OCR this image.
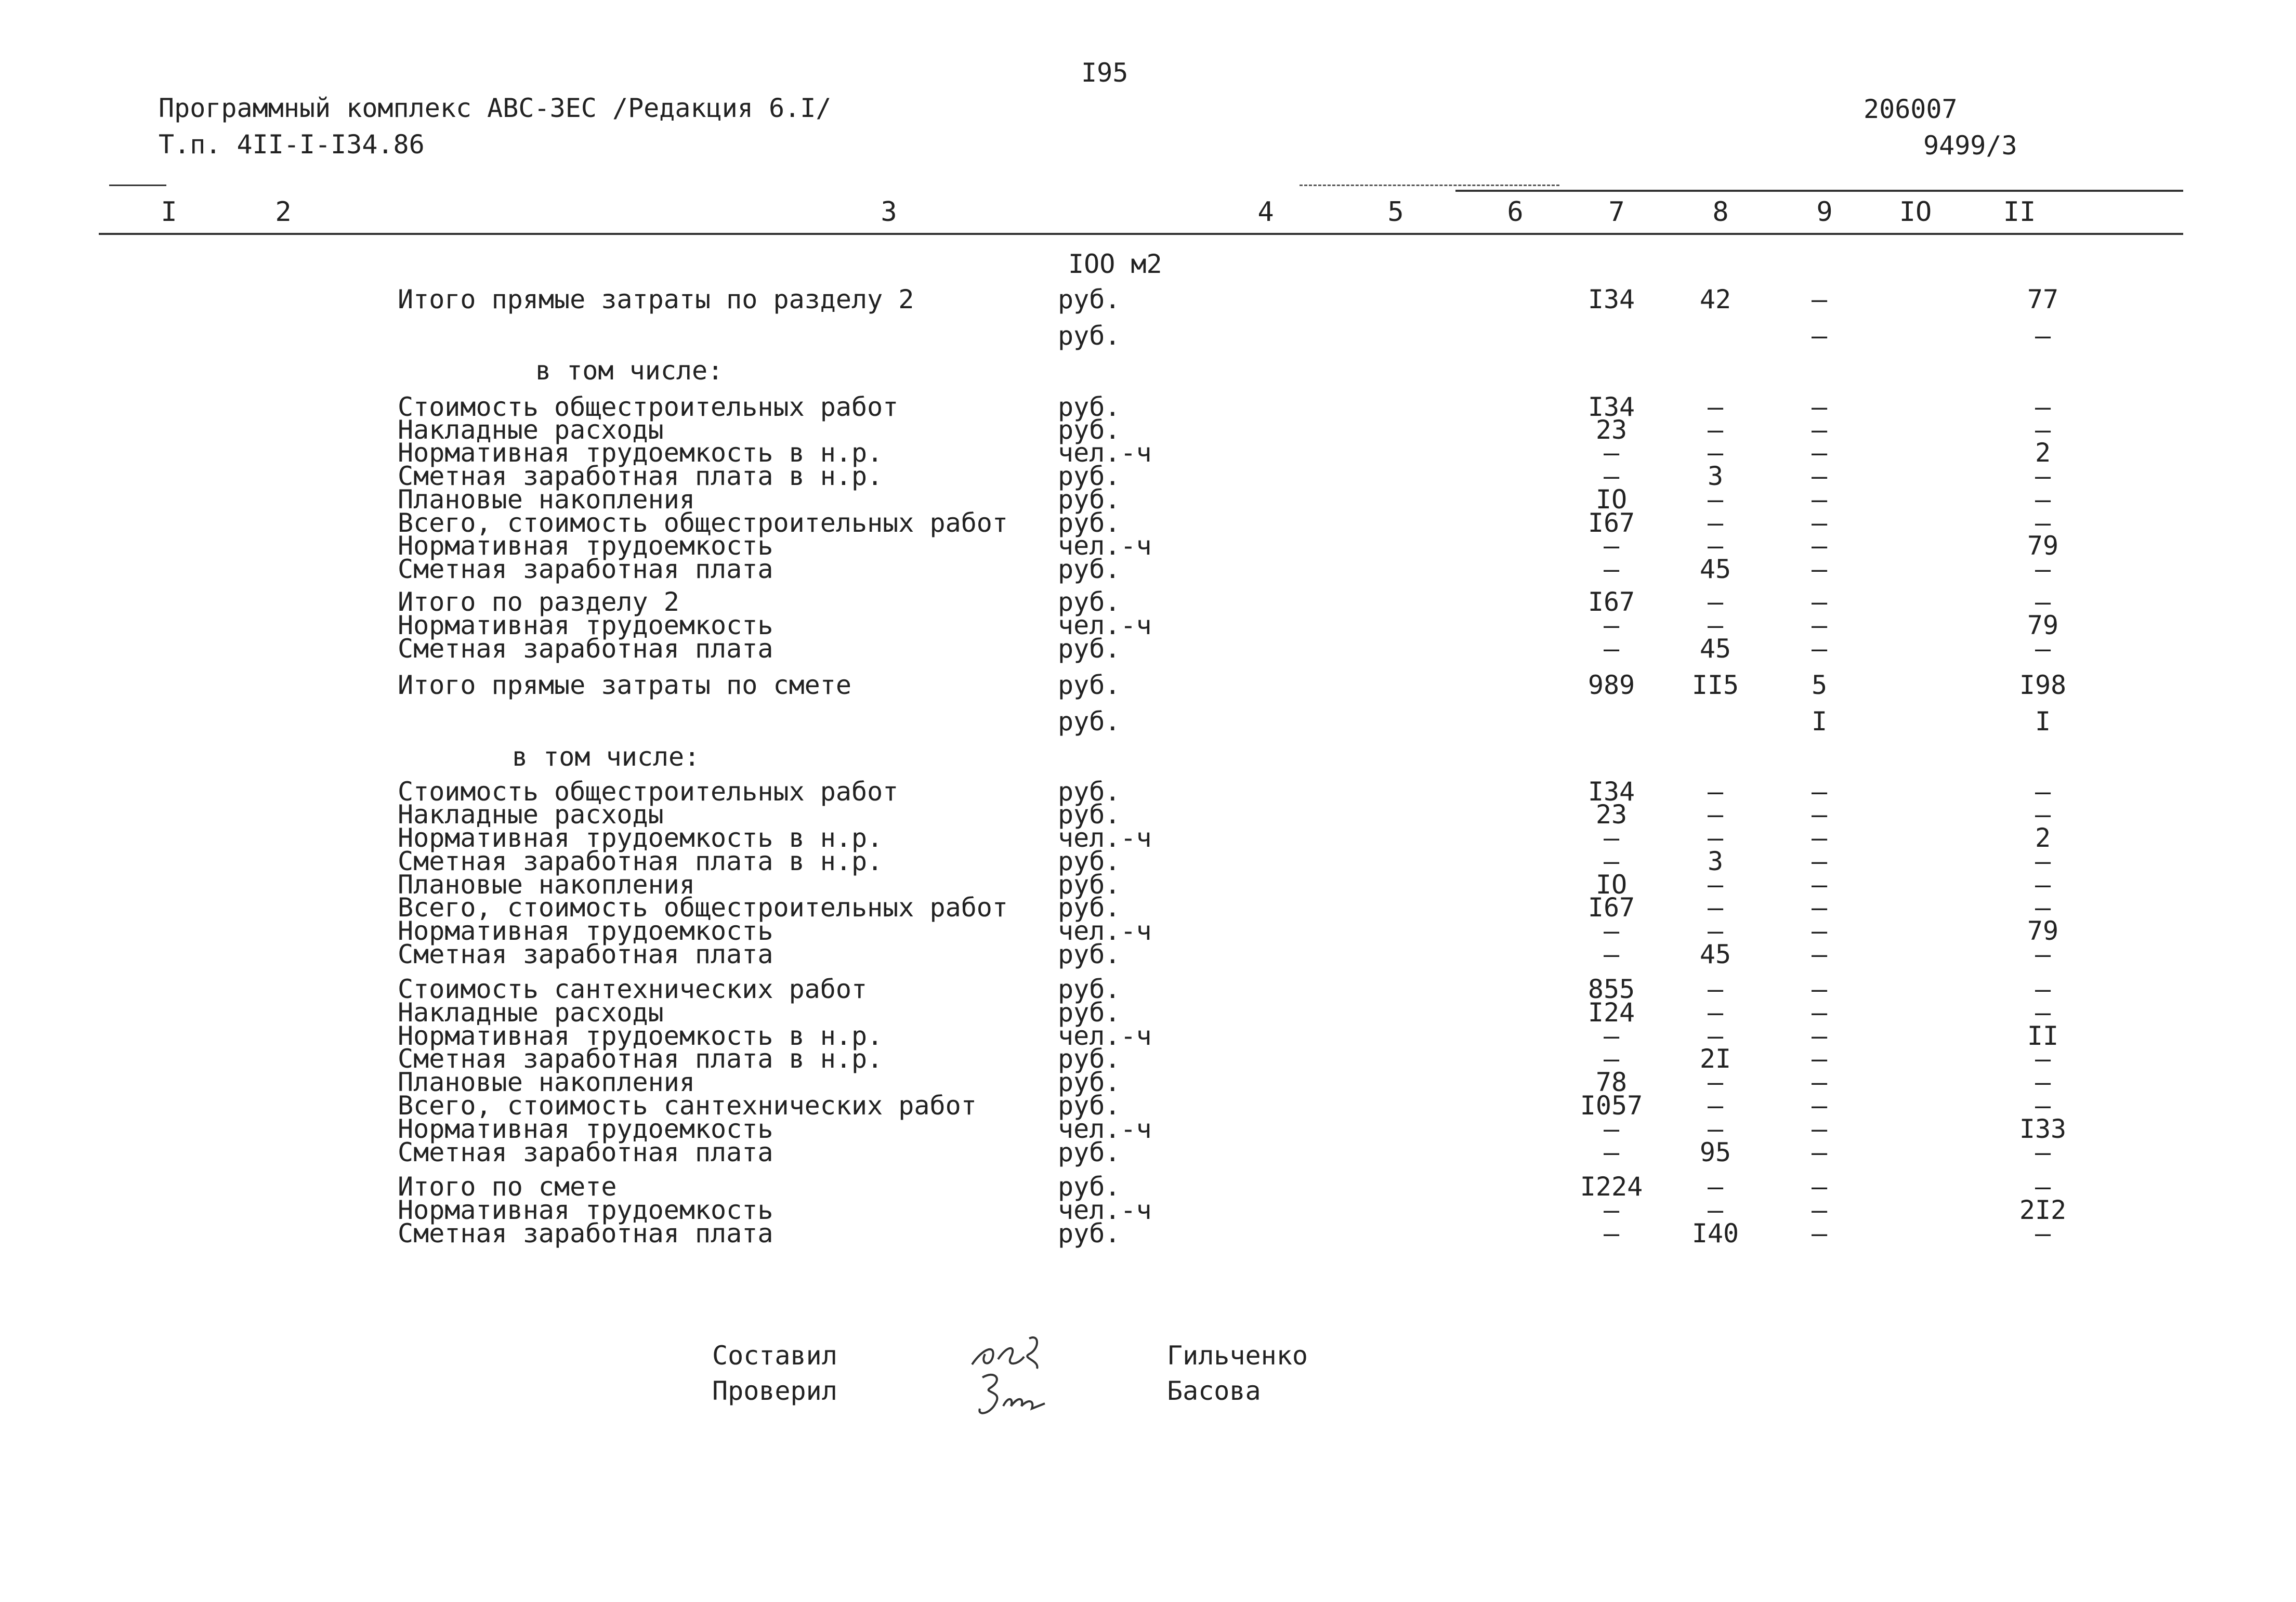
I95
Программный комплекс АВС-3ЕС /Редакция 6.I/
Т.п. 4II-I-I34.86
206007
9499/3
I	2	3	4	5	6	7	8	9	IO	II
IOO м2
Итого прямые затраты по разделу 2	руб.	I34	42	–	77
руб.	–	–
в том числе:
Стоимость общестроительных работ	руб.	I34	–	–	–
Накладные расходы	руб.	23	–	–	–
Нормативная трудоемкость в н.р.	чел.-ч	–	–	–	2
Сметная заработная плата в н.р.	руб.	–	3	–	–
Плановые накопления	руб.	IO	–	–	–
Всего, стоимость общестроительных работ руб.	I67	–	–	–
Нормативная трудоемкость	чел.-ч	–	–	–	79
Сметная заработная плата	руб.	–	45	–	–
Итого по разделу 2	руб.	I67	–	–	–
Нормативная трудоемкость	чел.-ч	–	–	–	79
Сметная заработная плата	руб.	–	45	–	–
Итого прямые затраты по смете	руб.	989	II5	5	I98
руб.	I	I
в том числе:
Стоимость общестроительных работ	руб.	I34	–	–	–
Накладные расходы	руб.	23	–	–	–
Нормативная трудоемкость в н.р.	чел.-ч	–	–	–	2
Сметная заработная плата в н.р.	руб.	–	3	–	–
Плановые накопления	руб.	IO	–	–	–
Всего, стоимость общестроительных работ руб.	I67	–	–	–
Нормативная трудоемкость	чел.-ч	–	–	–	79
Сметная заработная плата	руб.	–	45	–	–
Стоимость сантехнических работ	руб.	855	–	–	–
Накладные расходы	руб.	I24	–	–	–
Нормативная трудоемкость в н.р.	чел.-ч	–	–	–	II
Сметная заработная плата в н.р.	руб.	–	2I	–	–
Плановые накопления	руб.	78	–	–	–
Всего, стоимость сантехнических работ	руб.	I057	–	–	–
Нормативная трудоемкость	чел.-ч	–	–	–	I33
Сметная заработная плата	руб.	–	95	–	–
Итого по смете	руб.	I224	–	–	–
Нормативная трудоемкость	чел.-ч	–	–	–	2I2
Сметная заработная плата	руб.	–	I40	–	–
Составил
Проверил
Гильченко
Басова
